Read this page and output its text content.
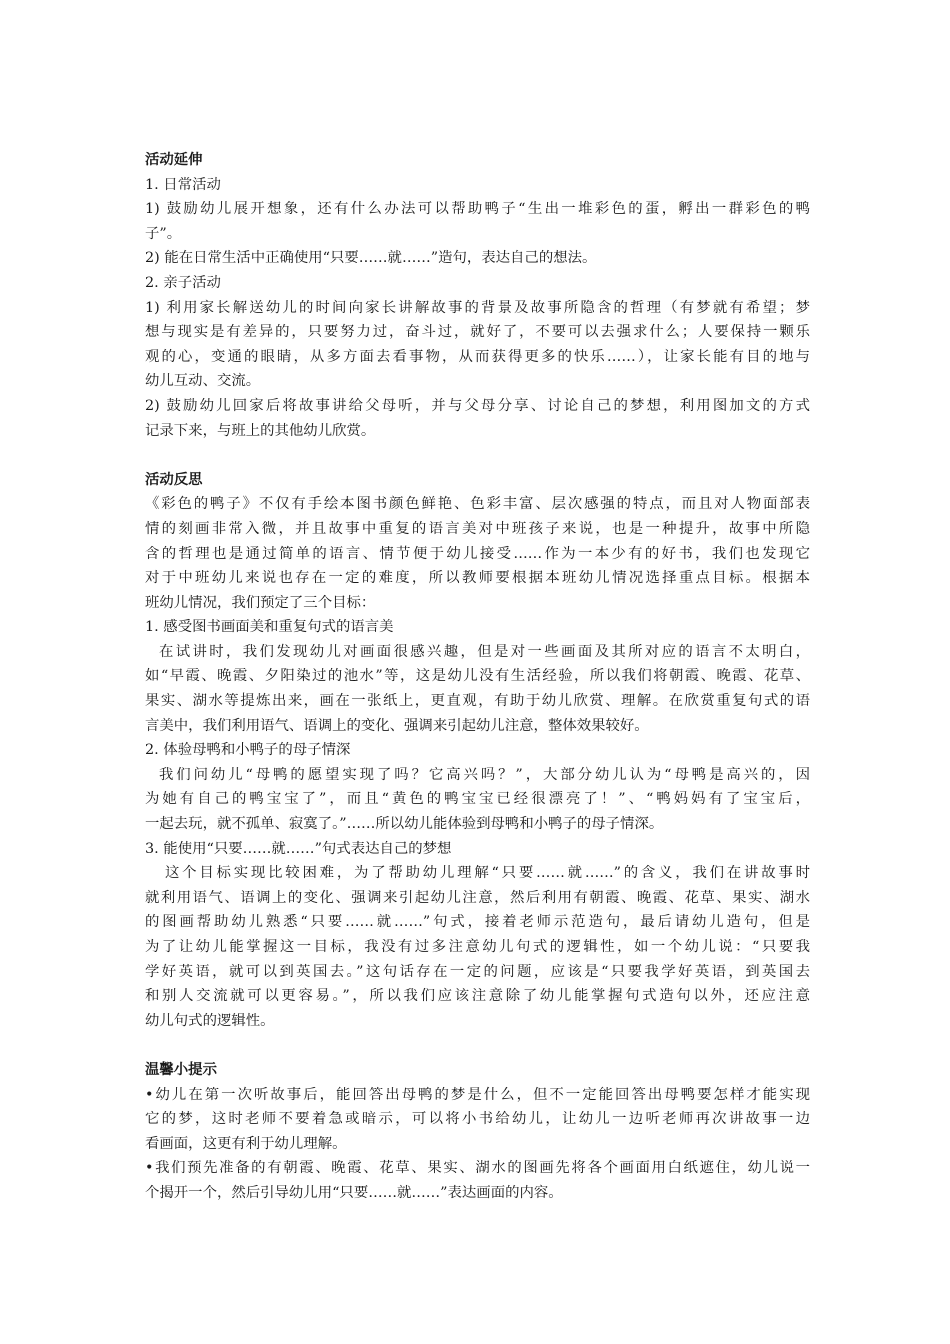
活动延伸
1. 日常活动
1) 鼓励幼儿展开想象，还有什么办法可以帮助鸭子“生出一堆彩色的蛋，孵出一群彩色的鸭
子”。
2) 能在日常生活中正确使用“只要……就……”造句，表达自己的想法。
2. 亲子活动
1) 利用家长解送幼儿的时间向家长讲解故事的背景及故事所隐含的哲理（有梦就有希望；梦
想与现实是有差异的，只要努力过，奋斗过，就好了，不要可以去强求什么；人要保持一颗乐
观的心，变通的眼睛，从多方面去看事物，从而获得更多的快乐……），让家长能有目的地与
幼儿互动、交流。
2) 鼓励幼儿回家后将故事讲给父母听，并与父母分享、讨论自己的梦想，利用图加文的方式
记录下来，与班上的其他幼儿欣赏。
活动反思
《彩色的鸭子》不仅有手绘本图书颜色鲜艳、色彩丰富、层次感强的特点，而且对人物面部表
情的刻画非常入微，并且故事中重复的语言美对中班孩子来说，也是一种提升，故事中所隐
含的哲理也是通过简单的语言、情节便于幼儿接受……作为一本少有的好书，我们也发现它
对于中班幼儿来说也存在一定的难度，所以教师要根据本班幼儿情况选择重点目标。根据本
班幼儿情况，我们预定了三个目标：
1. 感受图书画面美和重复句式的语言美
在试讲时，我们发现幼儿对画面很感兴趣，但是对一些画面及其所对应的语言不太明白，
如“早霞、晚霞、夕阳染过的池水”等，这是幼儿没有生活经验，所以我们将朝霞、晚霞、花草、
果实、湖水等提炼出来，画在一张纸上，更直观，有助于幼儿欣赏、理解。在欣赏重复句式的语
言美中，我们利用语气、语调上的变化、强调来引起幼儿注意，整体效果较好。
2. 体验母鸭和小鸭子的母子情深
我们问幼儿“母鸭的愿望实现了吗？它高兴吗？”，大部分幼儿认为“母鸭是高兴的，因
为她有自己的鸭宝宝了”，而且“黄色的鸭宝宝已经很漂亮了！”、“鸭妈妈有了宝宝后，
一起去玩，就不孤单、寂寞了。”……所以幼儿能体验到母鸭和小鸭子的母子情深。
3. 能使用“只要……就……”句式表达自己的梦想
这个目标实现比较困难，为了帮助幼儿理解“只要……就……”的含义，我们在讲故事时
就利用语气、语调上的变化、强调来引起幼儿注意，然后利用有朝霞、晚霞、花草、果实、湖水
的图画帮助幼儿熟悉“只要……就……”句式，接着老师示范造句，最后请幼儿造句，但是
为了让幼儿能掌握这一目标，我没有过多注意幼儿句式的逻辑性，如一个幼儿说：“只要我
学好英语，就可以到英国去。”这句话存在一定的问题，应该是“只要我学好英语，到英国去
和别人交流就可以更容易。”，所以我们应该注意除了幼儿能掌握句式造句以外，还应注意
幼儿句式的逻辑性。
温馨小提示
•幼儿在第一次听故事后，能回答出母鸭的梦是什么，但不一定能回答出母鸭要怎样才能实现
它的梦，这时老师不要着急或暗示，可以将小书给幼儿，让幼儿一边听老师再次讲故事一边
看画面，这更有利于幼儿理解。
•我们预先准备的有朝霞、晚霞、花草、果实、湖水的图画先将各个画面用白纸遮住，幼儿说一
个揭开一个，然后引导幼儿用“只要……就……”表达画面的内容。
